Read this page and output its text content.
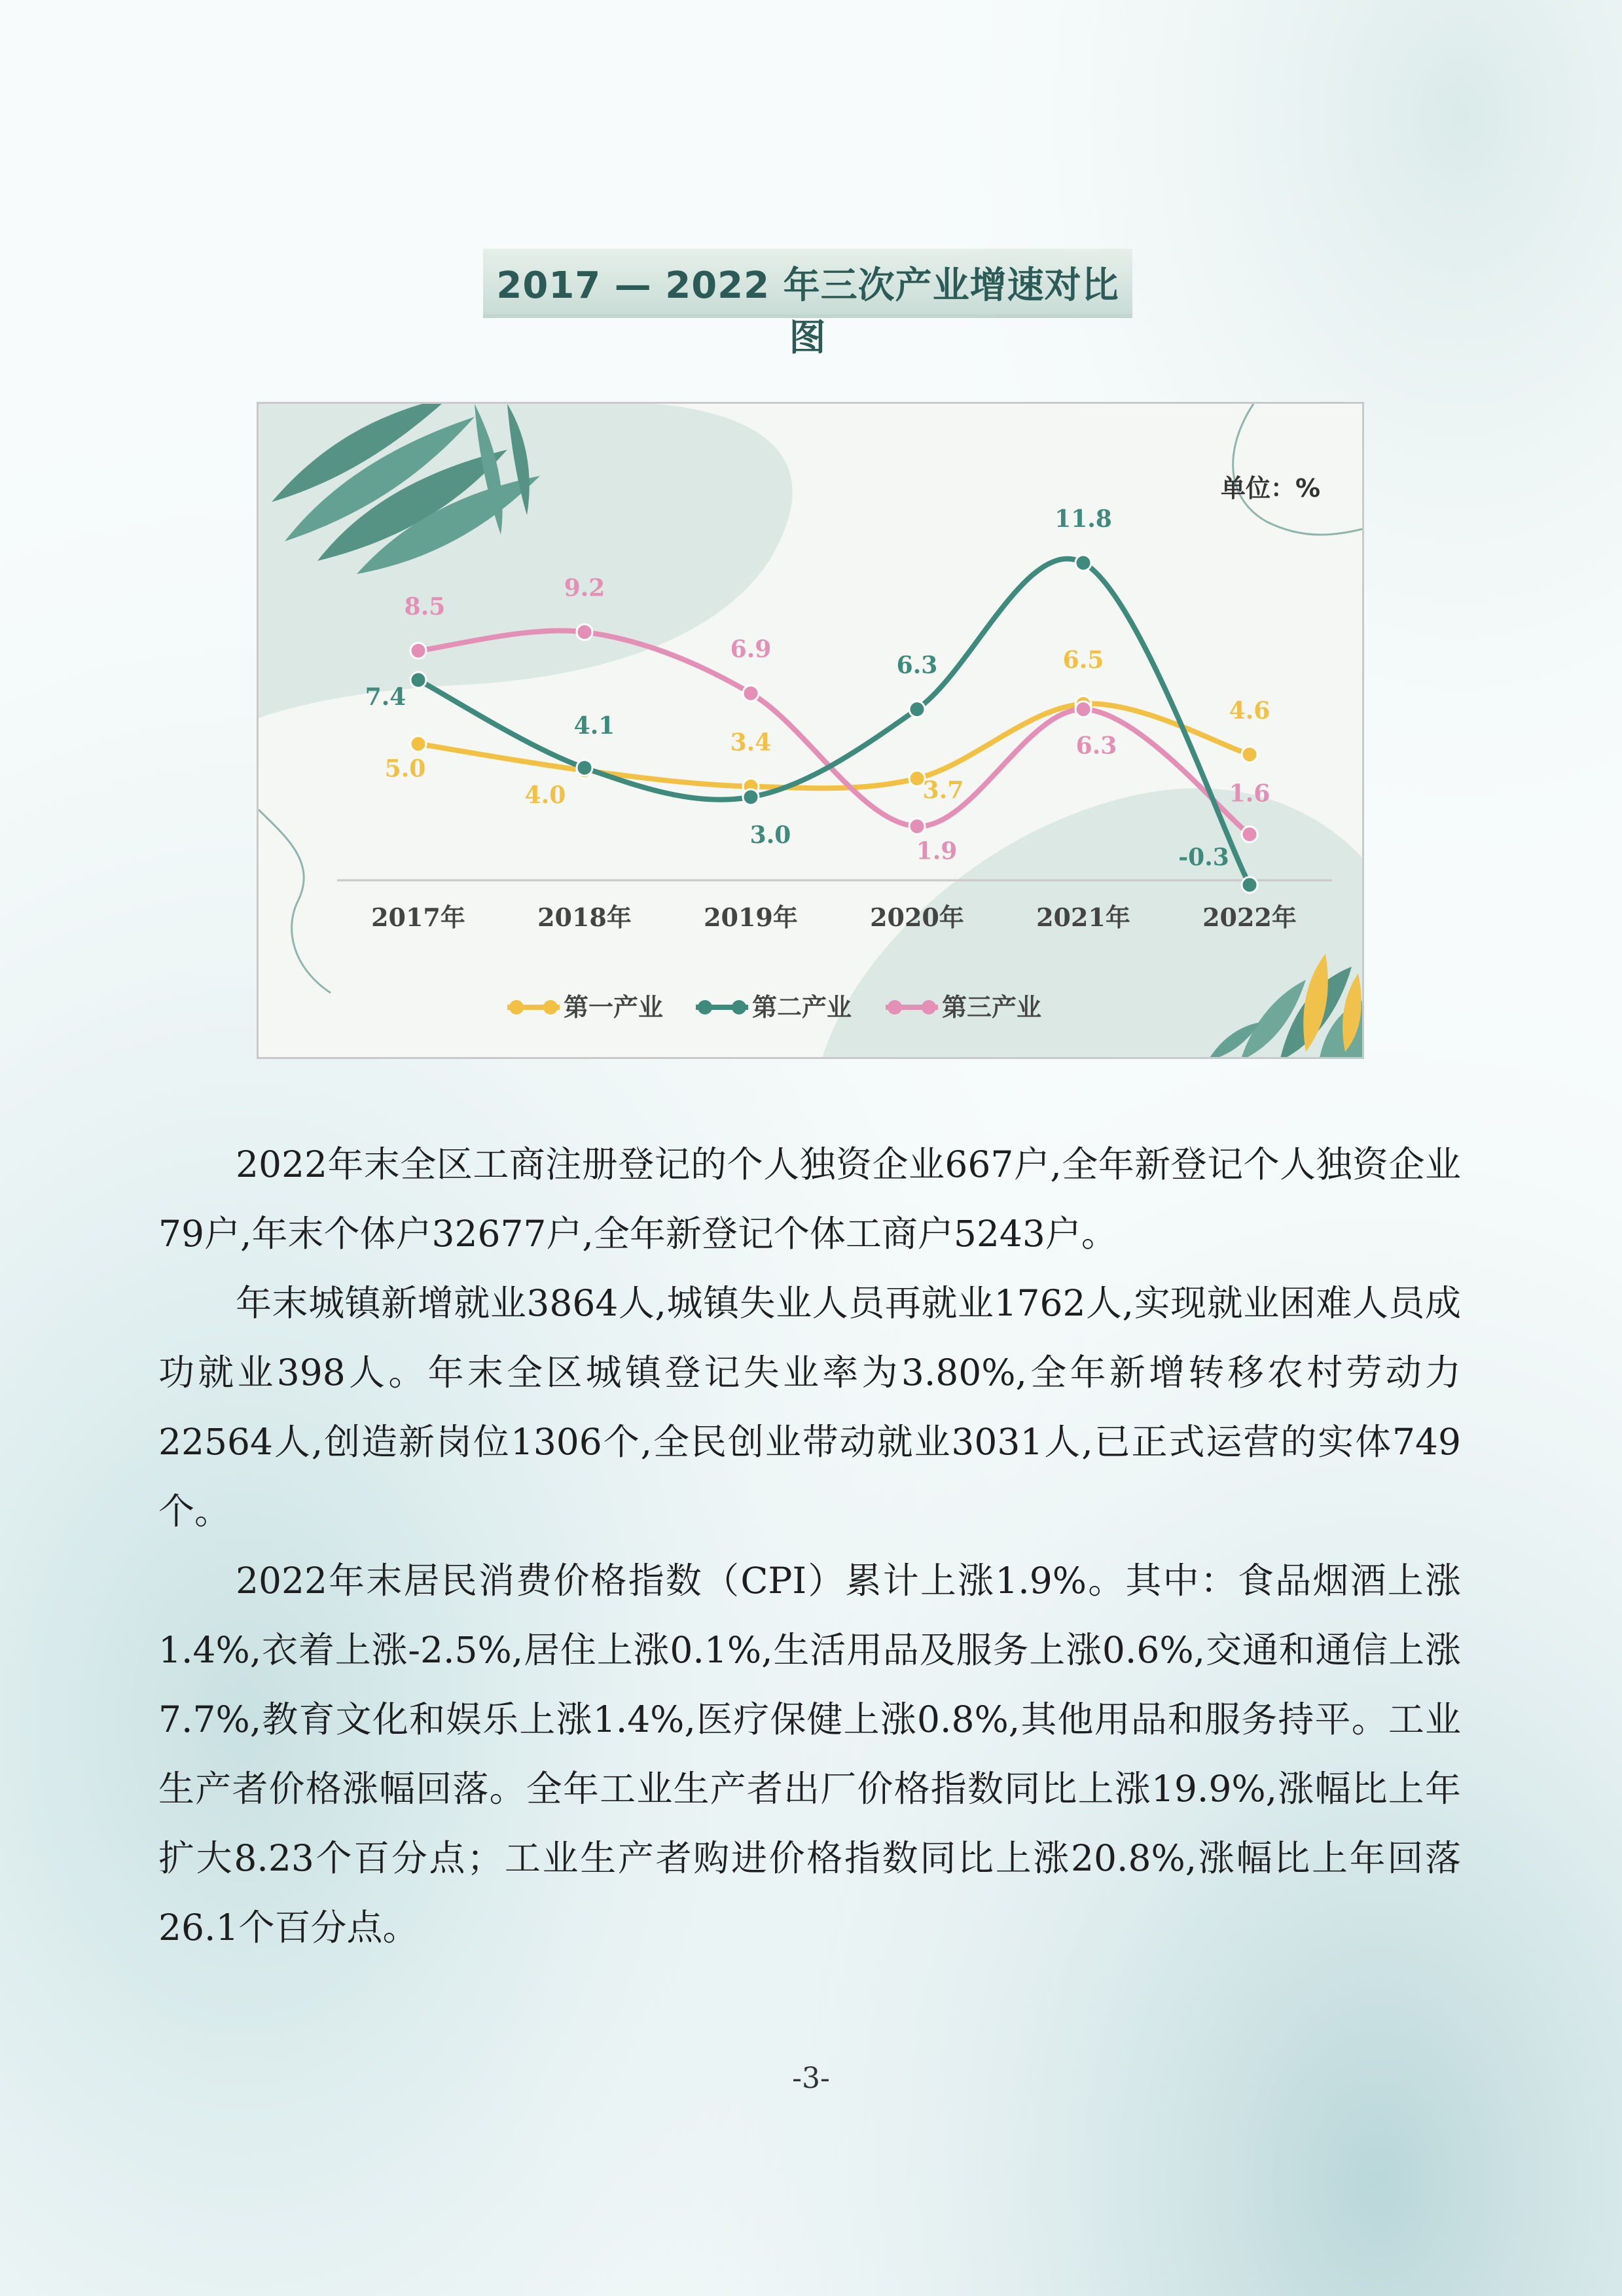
2017 — 2022 年三次产业增速对比图
2017年	2018年	2019年	2020年	2021年	2022年
5.0
4.0
3.4
3.7
6.5
4.6
8.5
9.2
6.9
1.9
6.3
1.6
7.4
4.1
3.0
6.3
11.8
-0.3
单位：%
第一产业	第二产业	第三产业

2022年末全区工商注册登记的个人独资企业667户,全年新登记个人独资企业79户,年末个体户32677户,全年新登记个体工商户5243户。

年末城镇新增就业3864人,城镇失业人员再就业1762人,实现就业困难人员成功就业398人。年末全区城镇登记失业率为3.80%,全年新增转移农村劳动力22564人,创造新岗位1306个,全民创业带动就业3031人,已正式运营的实体749个。

2022年末居民消费价格指数（CPI）累计上涨1.9%。其中：食品烟酒上涨1.4%,衣着上涨-2.5%,居住上涨0.1%,生活用品及服务上涨0.6%,交通和通信上涨7.7%,教育文化和娱乐上涨1.4%,医疗保健上涨0.8%,其他用品和服务持平。工业生产者价格涨幅回落。全年工业生产者出厂价格指数同比上涨19.9%,涨幅比上年扩大8.23个百分点；工业生产者购进价格指数同比上涨20.8%,涨幅比上年回落26.1个百分点。

-3-
